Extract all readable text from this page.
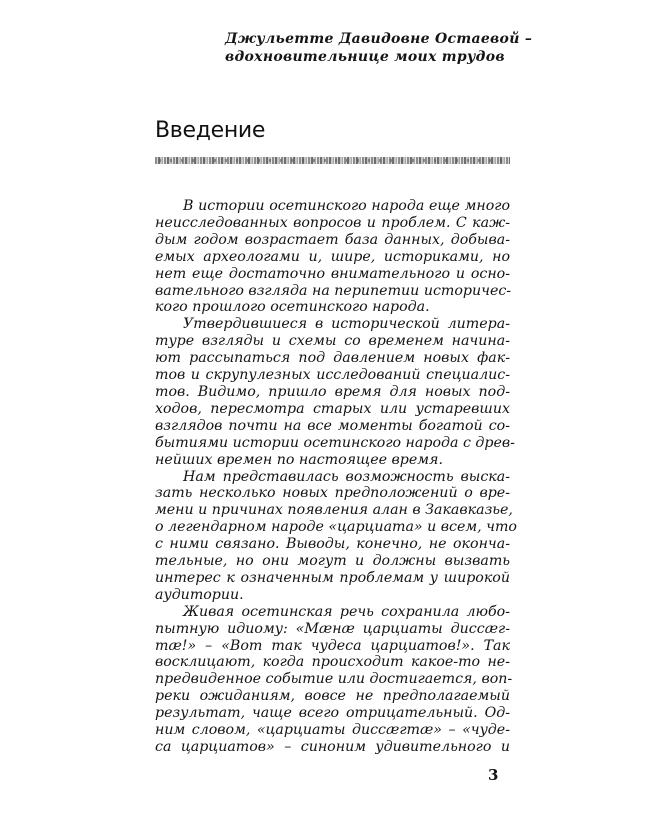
Джульетте Давидовне Остаевой –
вдохновительнице моих трудов
Введение
В истории осетинского народа еще много
неисследованных вопросов и проблем. С каж-
дым годом возрастает база данных, добыва-
емых археологами и, шире, историками, но
нет еще достаточно внимательного и осно-
вательного взгляда на перипетии историчес-
кого прошлого осетинского народа.
Утвердившиеся в исторической литера-
туре взгляды и схемы со временем начина-
ют рассыпаться под давлением новых фак-
тов и скрупулезных исследований специалис-
тов. Видимо, пришло время для новых под-
ходов, пересмотра старых или устаревших
взглядов почти на все моменты богатой со-
бытиями истории осетинского народа с древ-
нейших времен по настоящее время.
Нам представилась возможность выска-
зать несколько новых предположений о вре-
мени и причинах появления алан в Закавказье,
о легендарном народе «царциата» и всем, что
с ними связано. Выводы, конечно, не оконча-
тельные, но они могут и должны вызвать
интерес к означенным проблемам у широкой
аудитории.
Живая осетинская речь сохранила любо-
пытную идиому: «Мæнæ царциаты диссæг-
тæ!» – «Вот так чудеса царциатов!». Так
восклицают, когда происходит какое-то не-
предвиденное событие или достигается, воп-
реки ожиданиям, вовсе не предполагаемый
результат, чаще всего отрицательный. Од-
ним словом, «царциаты диссæгтæ» – «чуде-
са царциатов» – синоним удивительного и
3
